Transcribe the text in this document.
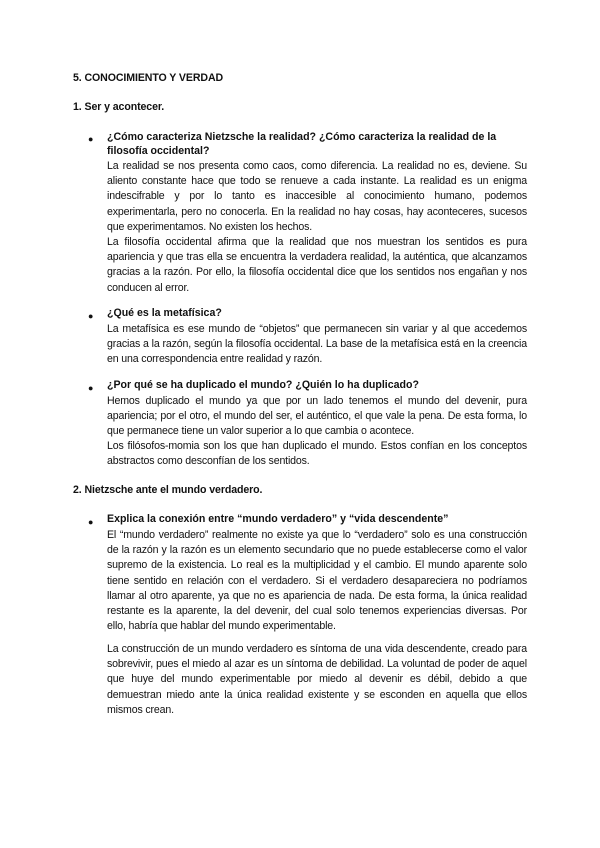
5. CONOCIMIENTO Y VERDAD
1. Ser y acontecer.
● ¿Cómo caracteriza Nietzsche la realidad? ¿Cómo caracteriza la realidad de la filosofía occidental?

La realidad se nos presenta como caos, como diferencia. La realidad no es, deviene. Su aliento constante hace que todo se renueve a cada instante. La realidad es un enigma indescifrable y por lo tanto es inaccesible al conocimiento humano, podemos experimentarla, pero no conocerla. En la realidad no hay cosas, hay aconteceres, sucesos que experimentamos. No existen los hechos.

La filosofía occidental afirma que la realidad que nos muestran los sentidos es pura apariencia y que tras ella se encuentra la verdadera realidad, la auténtica, que alcanzamos gracias a la razón. Por ello, la filosofía occidental dice que los sentidos nos engañan y nos conducen al error.

● ¿Qué es la metafísica?

La metafísica es ese mundo de “objetos” que permanecen sin variar y al que accedemos gracias a la razón, según la filosofía occidental. La base de la metafísica está en la creencia en una correspondencia entre realidad y razón.

● ¿Por qué se ha duplicado el mundo? ¿Quién lo ha duplicado?

Hemos duplicado el mundo ya que por un lado tenemos el mundo del devenir, pura apariencia; por el otro, el mundo del ser, el auténtico, el que vale la pena. De esta forma, lo que permanece tiene un valor superior a lo que cambia o acontece.

Los filósofos-momia son los que han duplicado el mundo. Estos confían en los conceptos abstractos como desconfían de los sentidos.

2. Nietzsche ante el mundo verdadero.
● Explica la conexión entre “mundo verdadero” y “vida descendente”

El “mundo verdadero” realmente no existe ya que lo “verdadero” solo es una construcción de la razón y la razón es un elemento secundario que no puede establecerse como el valor supremo de la existencia. Lo real es la multiplicidad y el cambio. El mundo aparente solo tiene sentido en relación con el verdadero. Si el verdadero desapareciera no podríamos llamar al otro aparente, ya que no es apariencia de nada. De esta forma, la única realidad restante es la aparente, la del devenir, del cual solo tenemos experiencias diversas. Por ello, habría que hablar del mundo experimentable.

La construcción de un mundo verdadero es síntoma de una vida descendente, creado para sobrevivir, pues el miedo al azar es un síntoma de debilidad. La voluntad de poder de aquel que huye del mundo experimentable por miedo al devenir es débil, debido a que demuestran miedo ante la única realidad existente y se esconden en aquella que ellos mismos crean.
